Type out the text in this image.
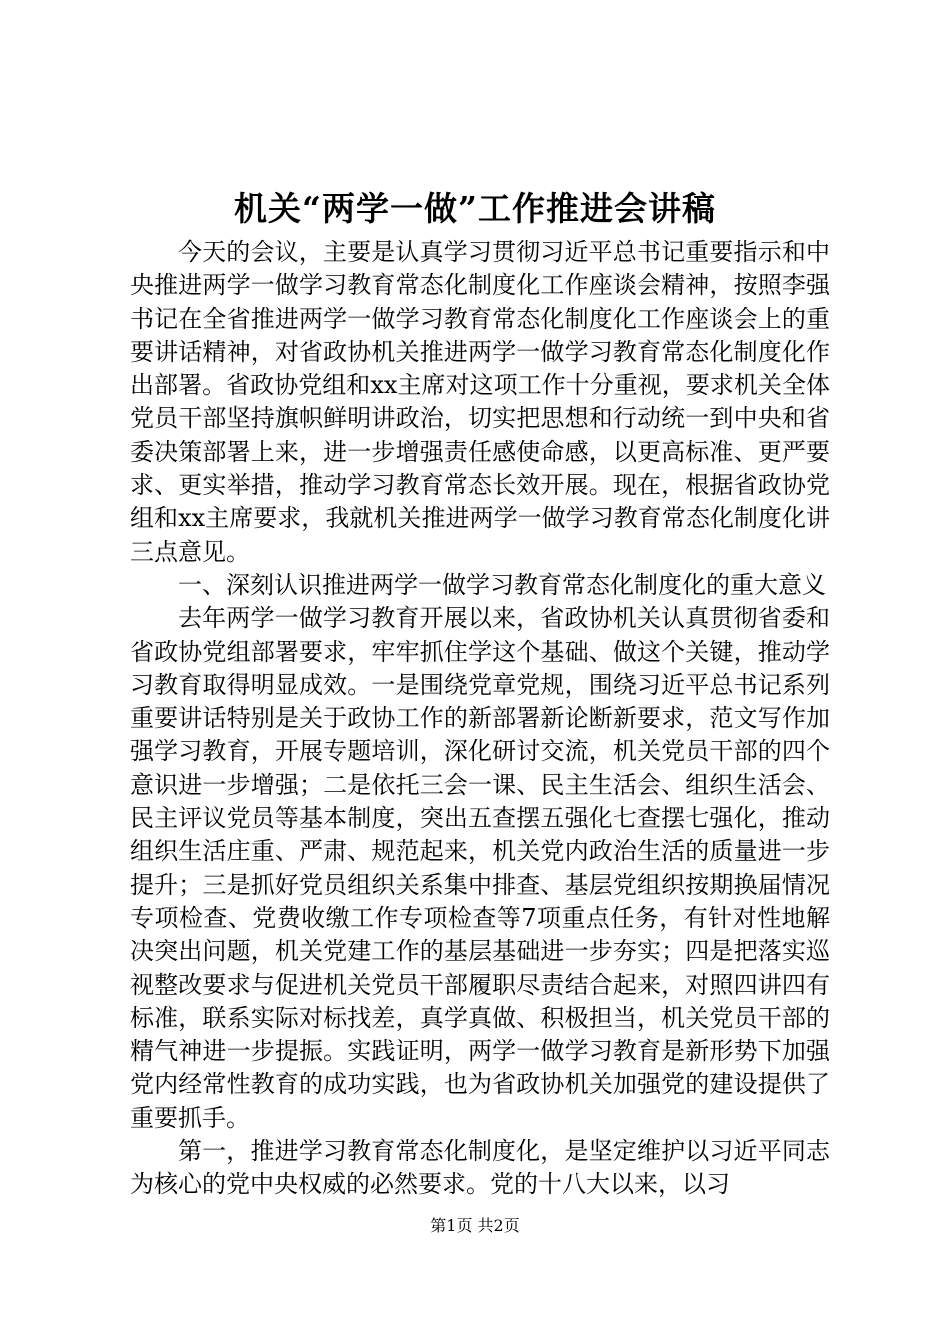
机关“两学一做”工作推进会讲稿

今天的会议，主要是认真学习贯彻习近平总书记重要指示和中央推进两学一做学习教育常态化制度化工作座谈会精神，按照李强书记在全省推进两学一做学习教育常态化制度化工作座谈会上的重要讲话精神，对省政协机关推进两学一做学习教育常态化制度化作出部署。省政协党组和xx主席对这项工作十分重视，要求机关全体党员干部坚持旗帜鲜明讲政治，切实把思想和行动统一到中央和省委决策部署上来，进一步增强责任感使命感，以更高标准、更严要求、更实举措，推动学习教育常态长效开展。现在，根据省政协党组和xx主席要求，我就机关推进两学一做学习教育常态化制度化讲三点意见。

一、深刻认识推进两学一做学习教育常态化制度化的重大意义

去年两学一做学习教育开展以来，省政协机关认真贯彻省委和省政协党组部署要求，牢牢抓住学这个基础、做这个关键，推动学习教育取得明显成效。一是围绕党章党规，围绕习近平总书记系列重要讲话特别是关于政协工作的新部署新论断新要求，范文写作加强学习教育，开展专题培训，深化研讨交流，机关党员干部的四个意识进一步增强；二是依托三会一课、民主生活会、组织生活会、民主评议党员等基本制度，突出五查摆五强化七查摆七强化，推动组织生活庄重、严肃、规范起来，机关党内政治生活的质量进一步提升；三是抓好党员组织关系集中排查、基层党组织按期换届情况专项检查、党费收缴工作专项检查等7项重点任务，有针对性地解决突出问题，机关党建工作的基层基础进一步夯实；四是把落实巡视整改要求与促进机关党员干部履职尽责结合起来，对照四讲四有标准，联系实际对标找差，真学真做、积极担当，机关党员干部的精气神进一步提振。实践证明，两学一做学习教育是新形势下加强党内经常性教育的成功实践，也为省政协机关加强党的建设提供了重要抓手。

第一，推进学习教育常态化制度化，是坚定维护以习近平同志为核心的党中央权威的必然要求。党的十八大以来，以习

第1页 共2页
